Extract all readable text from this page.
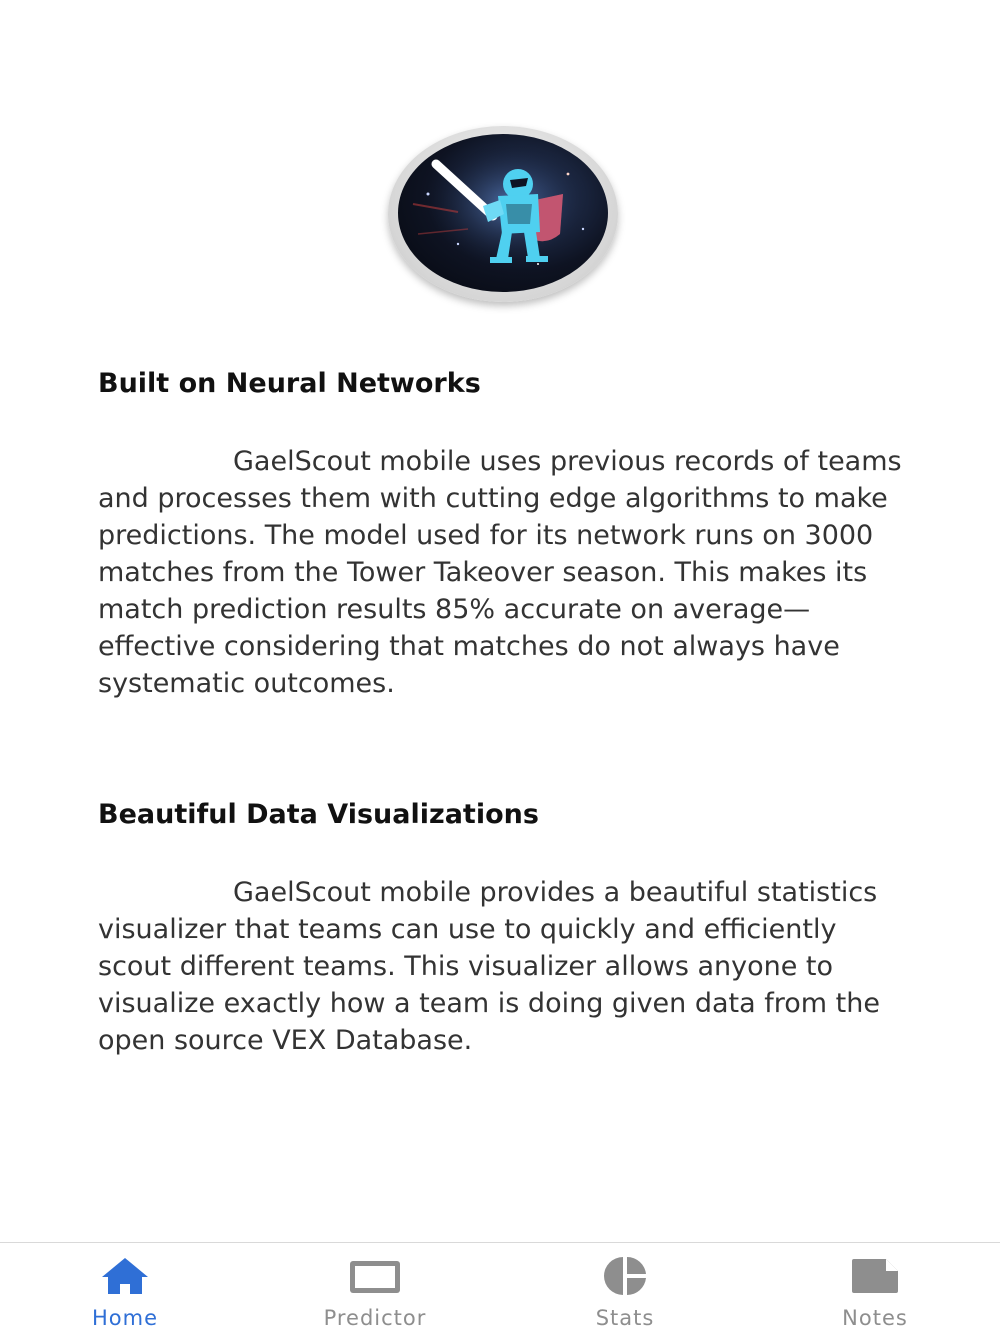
Built on Neural Networks

GaelScout mobile uses previous records of teams and processes them with cutting edge algorithms to make predictions. The model used for its network runs on 3000 matches from the Tower Takeover season. This makes its match prediction results 85% accurate on average—effective considering that matches do not always have systematic outcomes.

Beautiful Data Visualizations

GaelScout mobile provides a beautiful statistics visualizer that teams can use to quickly and efficiently scout different teams. This visualizer allows anyone to visualize exactly how a team is doing given data from the open source VEX Database.

Home	Predictor	Stats	Notes
